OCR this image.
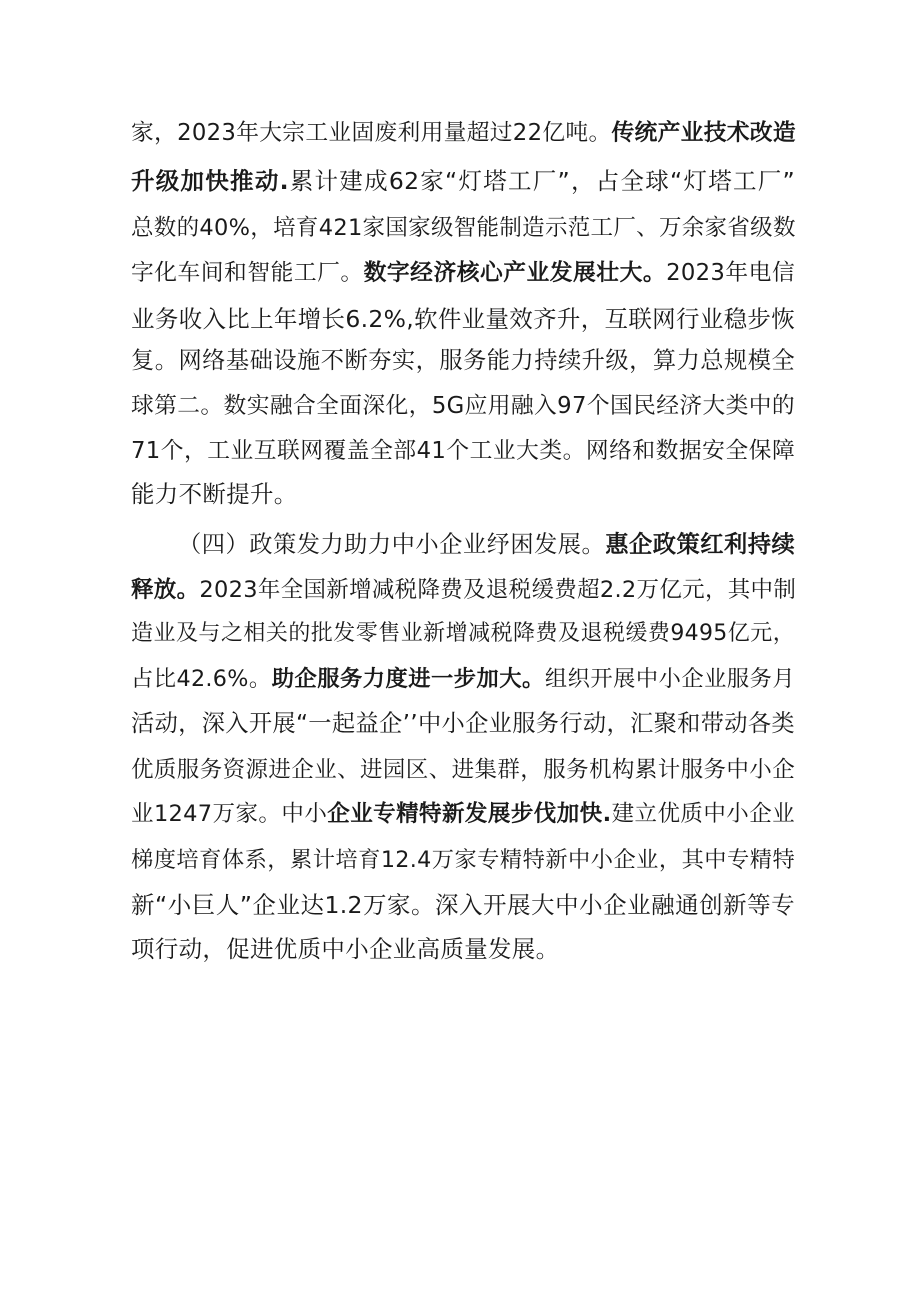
家，2023年大宗工业固废利用量超过22亿吨。传统产业技术改造
升级加快推动.累计建成62家“灯塔工厂”，占全球“灯塔工厂”
总数的40%，培育421家国家级智能制造示范工厂、万余家省级数
字化车间和智能工厂。数字经济核心产业发展壮大。2023年电信
业务收入比上年增长6.2%,软件业量效齐升，互联网行业稳步恢
复。网络基础设施不断夯实，服务能力持续升级，算力总规模全
球第二。数实融合全面深化，5G应用融入97个国民经济大类中的
71个，工业互联网覆盖全部41个工业大类。网络和数据安全保障
能力不断提升。
（四）政策发力助力中小企业纾困发展。惠企政策红利持续
释放。2023年全国新增减税降费及退税缓费超2.2万亿元，其中制
造业及与之相关的批发零售业新增减税降费及退税缓费9495亿元，
占比42.6%。助企服务力度进一步加大。组织开展中小企业服务月
活动，深入开展“一起益企’’中小企业服务行动，汇聚和带动各类
优质服务资源进企业、进园区、进集群，服务机构累计服务中小企
业1247万家。中小企业专精特新发展步伐加快.建立优质中小企业
梯度培育体系，累计培育12.4万家专精特新中小企业，其中专精特
新“小巨人”企业达1.2万家。深入开展大中小企业融通创新等专
项行动，促进优质中小企业高质量发展。
